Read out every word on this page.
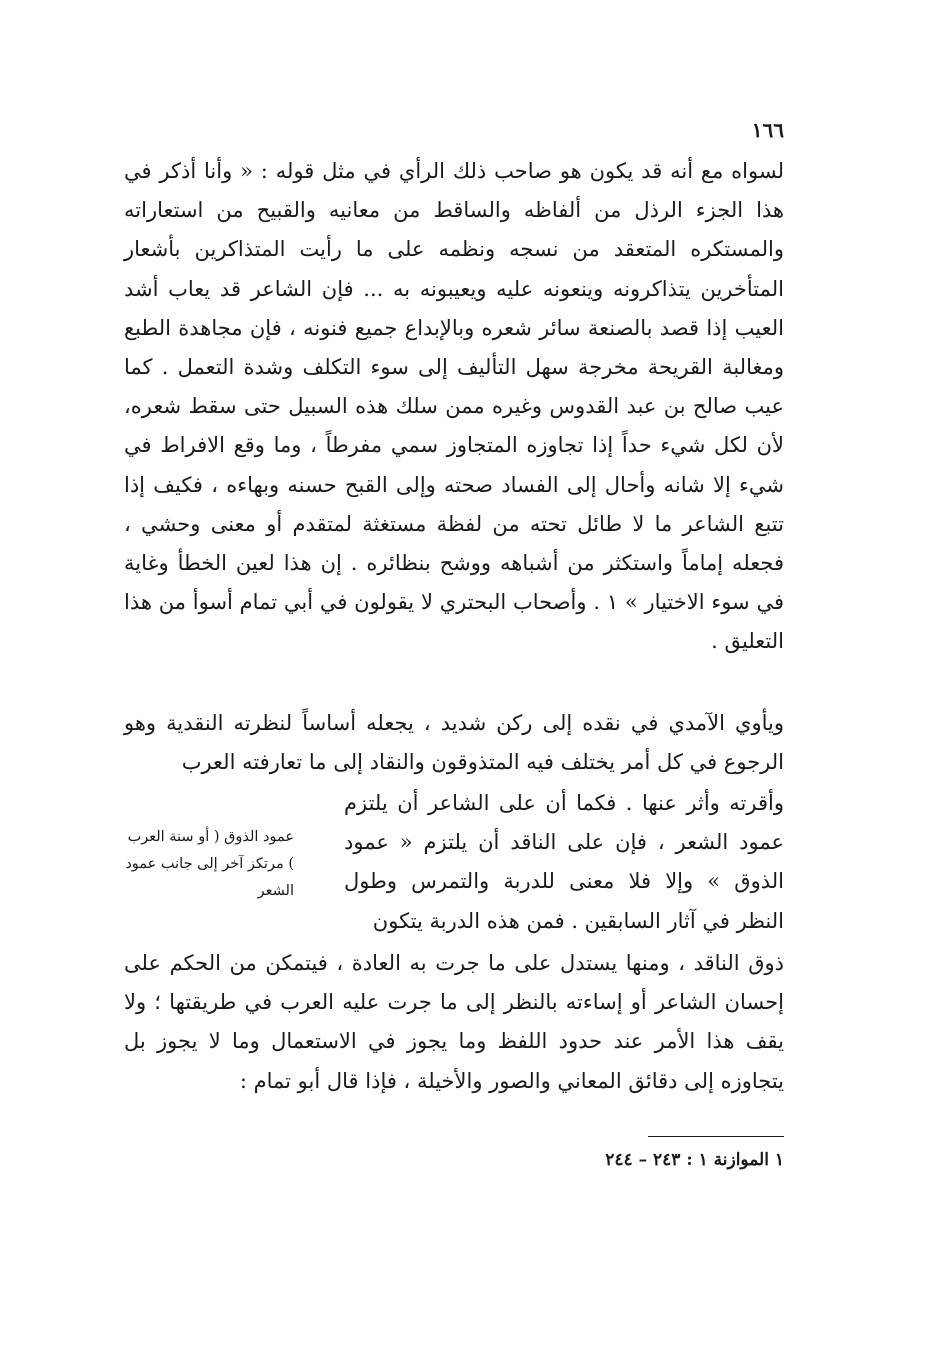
١٦٦

لسواه مع أنه قد يكون هو صاحب ذلك الرأي في مثل قوله : « وأنا أذكر في هذا الجزء الرذل من ألفاظه والساقط من معانيه والقبيح من استعاراته والمستكره المتعقد من نسجه ونظمه على ما رأيت المتذاكرين بأشعار المتأخرين يتذاكرونه وينعونه عليه ويعيبونه به ... فإن الشاعر قد يعاب أشد العيب إذا قصد بالصنعة سائر شعره وبالإبداع جميع فنونه ، فإن مجاهدة الطبع ومغالبة القريحة مخرجة سهل التأليف إلى سوء التكلف وشدة التعمل . كما عيب صالح بن عبد القدوس وغيره ممن سلك هذه السبيل حتى سقط شعره، لأن لكل شيء حداً إذا تجاوزه المتجاوز سمي مفرطاً ، وما وقع الافراط في شيء إلا شانه وأحال إلى الفساد صحته وإلى القبح حسنه وبهاءه ، فكيف إذا تتبع الشاعر ما لا طائل تحته من لفظة مستغثة لمتقدم أو معنى وحشي ، فجعله إماماً واستكثر من أشباهه ووشح بنظائره . إن هذا لعين الخطأ وغاية في سوء الاختيار » ١ . وأصحاب البحتري لا يقولون في أبي تمام أسوأ من هذا التعليق .

ويأوي الآمدي في نقده إلى ركن شديد ، يجعله أساساً لنظرته النقدية وهو الرجوع في كل أمر يختلف فيه المتذوقون والنقاد إلى ما تعارفته العرب

وأقرته وأثر عنها . فكما أن على الشاعر أن يلتزم عمود الشعر ، فإن على الناقد أن يلتزم « عمود الذوق » وإلا فلا معنى للدربة والتمرس وطول النظر في آثار السابقين . فمن هذه الدربة يتكون

عمود الذوق ( أو سنة العرب ) مرتكز آخر إلى جانب عمود الشعر

ذوق الناقد ، ومنها يستدل على ما جرت به العادة ، فيتمكن من الحكم على إحسان الشاعر أو إساءته بالنظر إلى ما جرت عليه العرب في طريقتها ؛ ولا يقف هذا الأمر عند حدود اللفظ وما يجوز في الاستعمال وما لا يجوز بل يتجاوزه إلى دقائق المعاني والصور والأخيلة ، فإذا قال أبو تمام :

١ الموازنة ١ : ٢٤٣ – ٢٤٤
